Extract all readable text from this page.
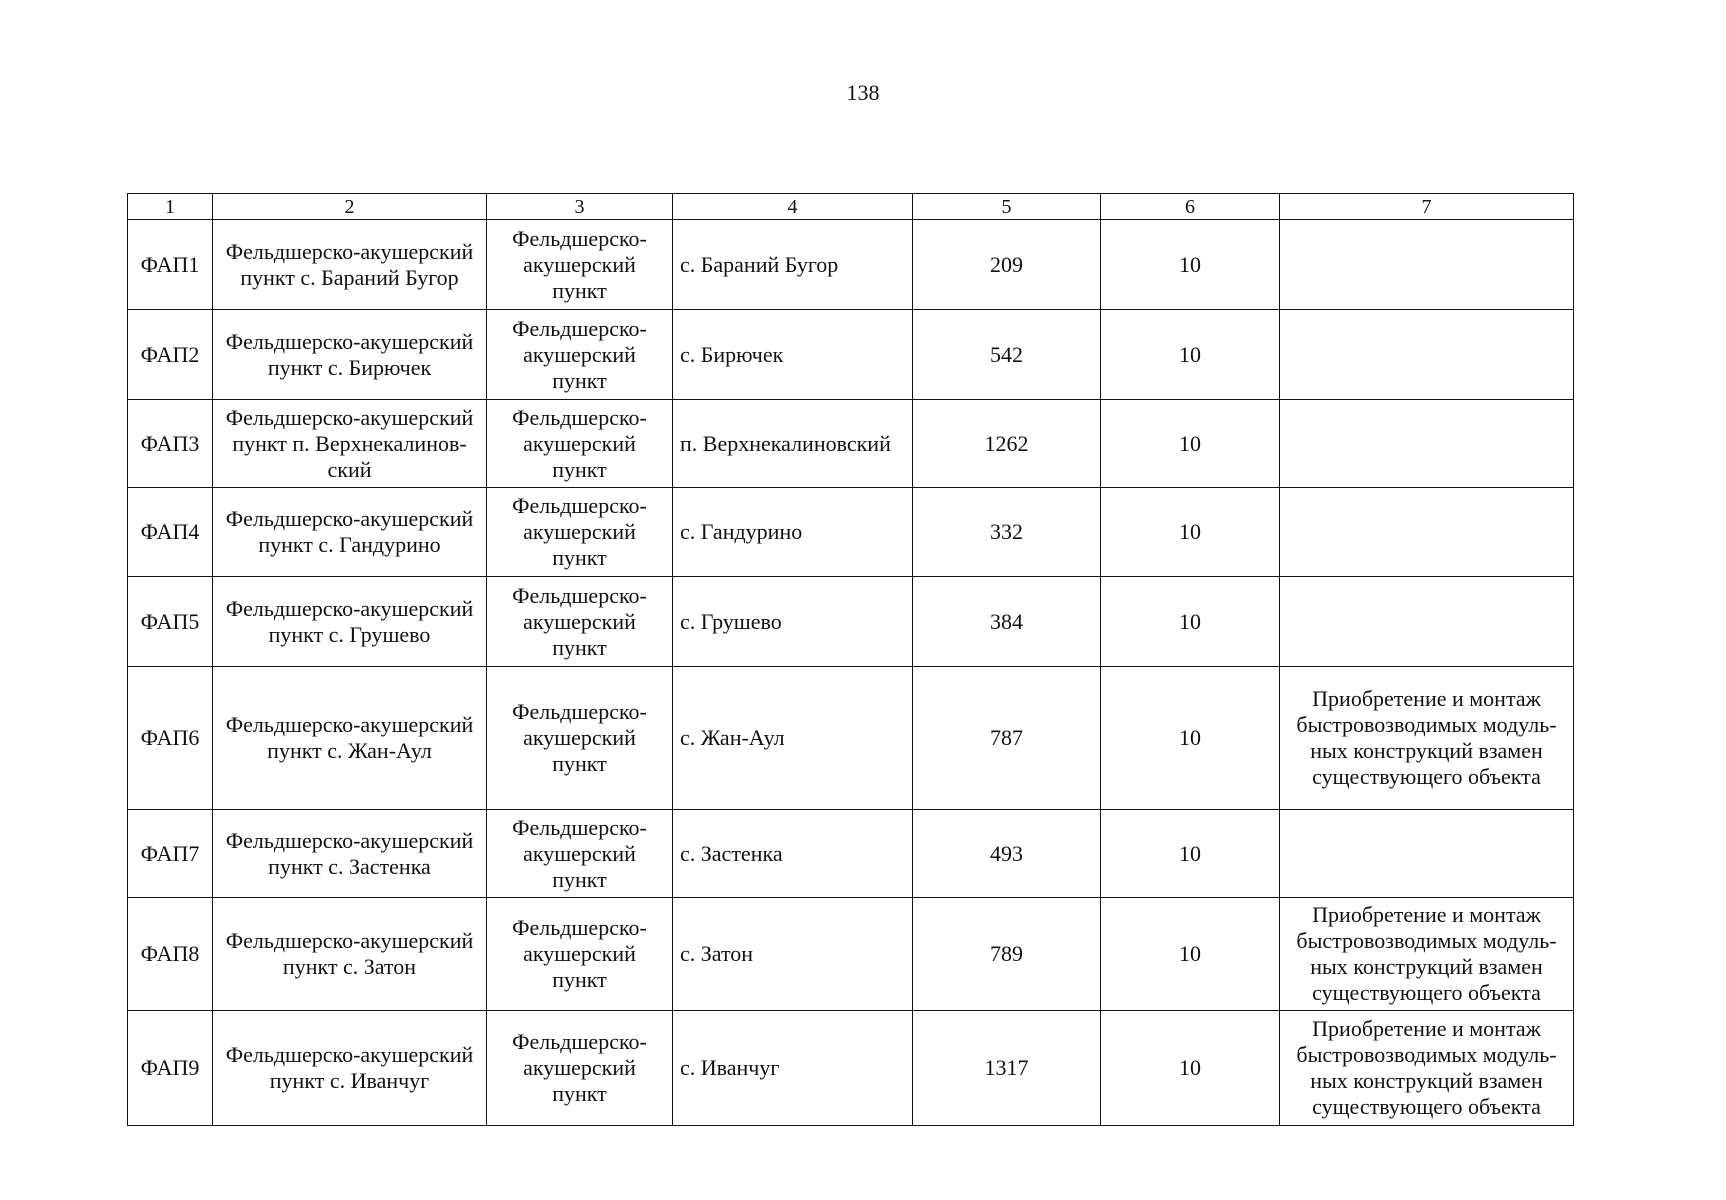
138
1	2	3	4	5	6	7
ФАП1	Фельдшерско-акушерский
пункт с. Бараний Бугор	Фельдшерско-
акушерский
пункт	с. Бараний Бугор	209	10	
ФАП2	Фельдшерско-акушерский
пункт с. Бирючек	Фельдшерско-
акушерский
пункт	с. Бирючек	542	10	
ФАП3	Фельдшерско-акушерский
пункт п. Верхнекалинов-
ский	Фельдшерско-
акушерский
пункт	п. Верхнекалиновский	1262	10	
ФАП4	Фельдшерско-акушерский
пункт с. Гандурино	Фельдшерско-
акушерский
пункт	с. Гандурино	332	10	
ФАП5	Фельдшерско-акушерский
пункт с. Грушево	Фельдшерско-
акушерский
пункт	с. Грушево	384	10	
ФАП6	Фельдшерско-акушерский
пункт с. Жан-Аул	Фельдшерско-
акушерский
пункт	с. Жан-Аул	787	10	Приобретение и монтаж
быстровозводимых модуль-
ных конструкций взамен
существующего объекта

ФАП7	Фельдшерско-акушерский
пункт с. Застенка	Фельдшерско-
акушерский
пункт	с. Застенка	493	10	
ФАП8	Фельдшерско-акушерский
пункт с. Затон	Фельдшерско-
акушерский
пункт	с. Затон	789	10	Приобретение и монтаж
быстровозводимых модуль-
ных конструкций взамен
существующего объекта

ФАП9	Фельдшерско-акушерский
пункт с. Иванчуг	Фельдшерско-
акушерский
пункт	с. Иванчуг	1317	10	Приобретение и монтаж
быстровозводимых модуль-
ных конструкций взамен
существующего объекта
